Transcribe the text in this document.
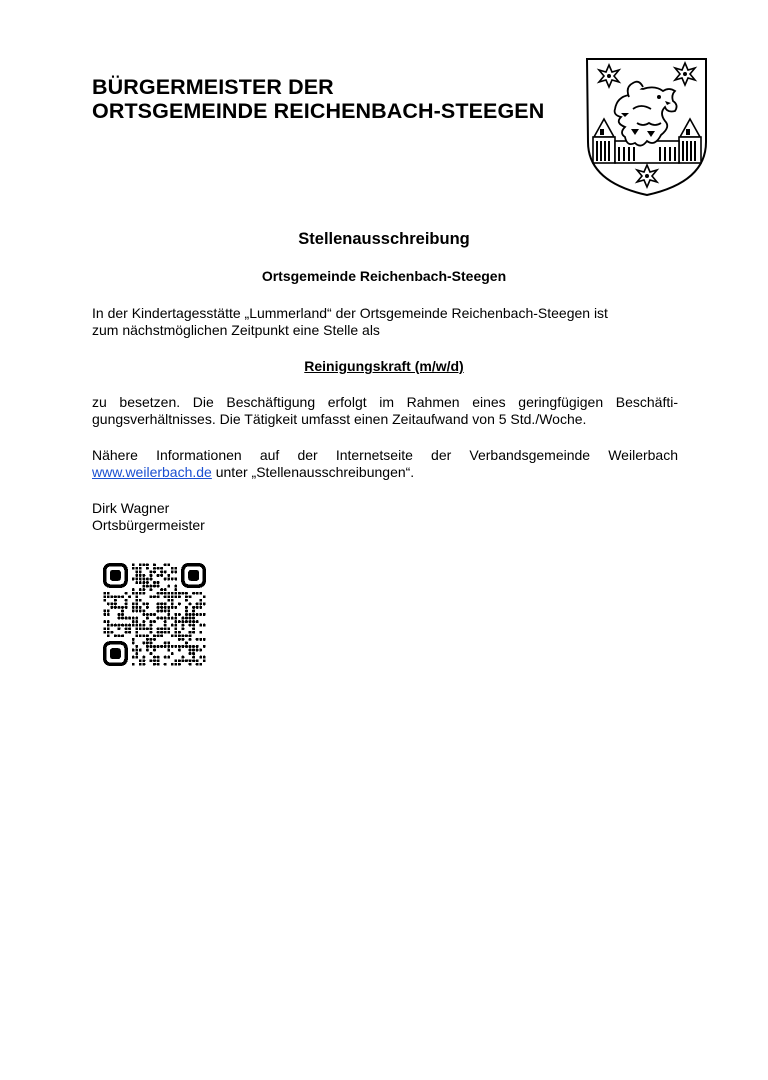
BÜRGERMEISTER DER
ORTSGEMEINDE REICHENBACH-STEEGEN
Stellenausschreibung
Ortsgemeinde Reichenbach-Steegen
In der Kindertagesstätte „Lummerland“ der Ortsgemeinde Reichenbach-Steegen ist
zum nächstmöglichen Zeitpunkt eine Stelle als
Reinigungskraft (m/w/d)
zu besetzen. Die Beschäftigung erfolgt im Rahmen eines geringfügigen Beschäfti-
gungsverhältnisses. Die Tätigkeit umfasst einen Zeitaufwand von 5 Std./Woche.
Nähere Informationen auf der Internetseite der Verbandsgemeinde Weilerbach
www.weilerbach.de unter „Stellenausschreibungen“.
Dirk Wagner
Ortsbürgermeister
